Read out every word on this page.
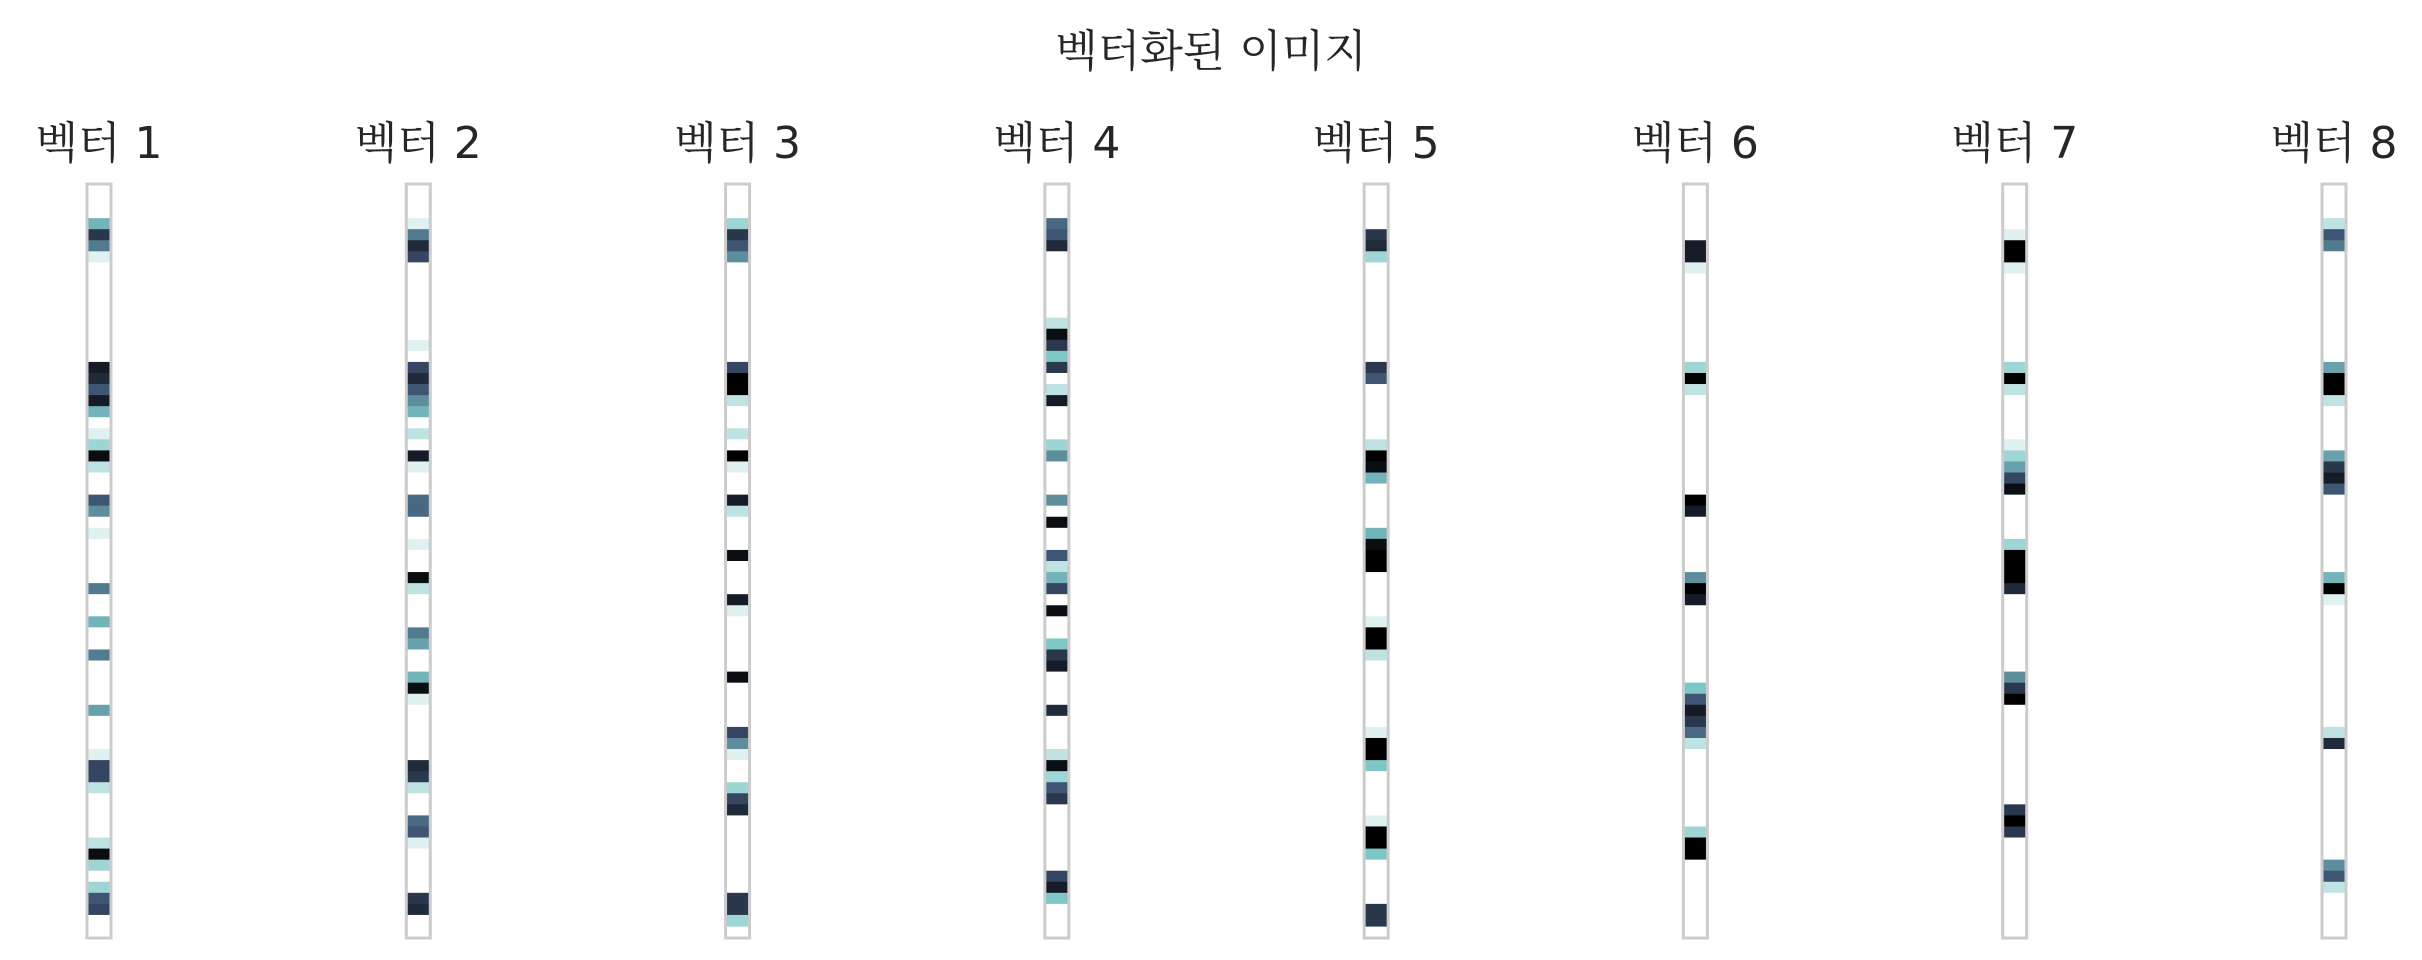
벡터화된 이미지
벡터 1	벡터 2	벡터 3	벡터 4	벡터 5	벡터 6	벡터 7	벡터 8
